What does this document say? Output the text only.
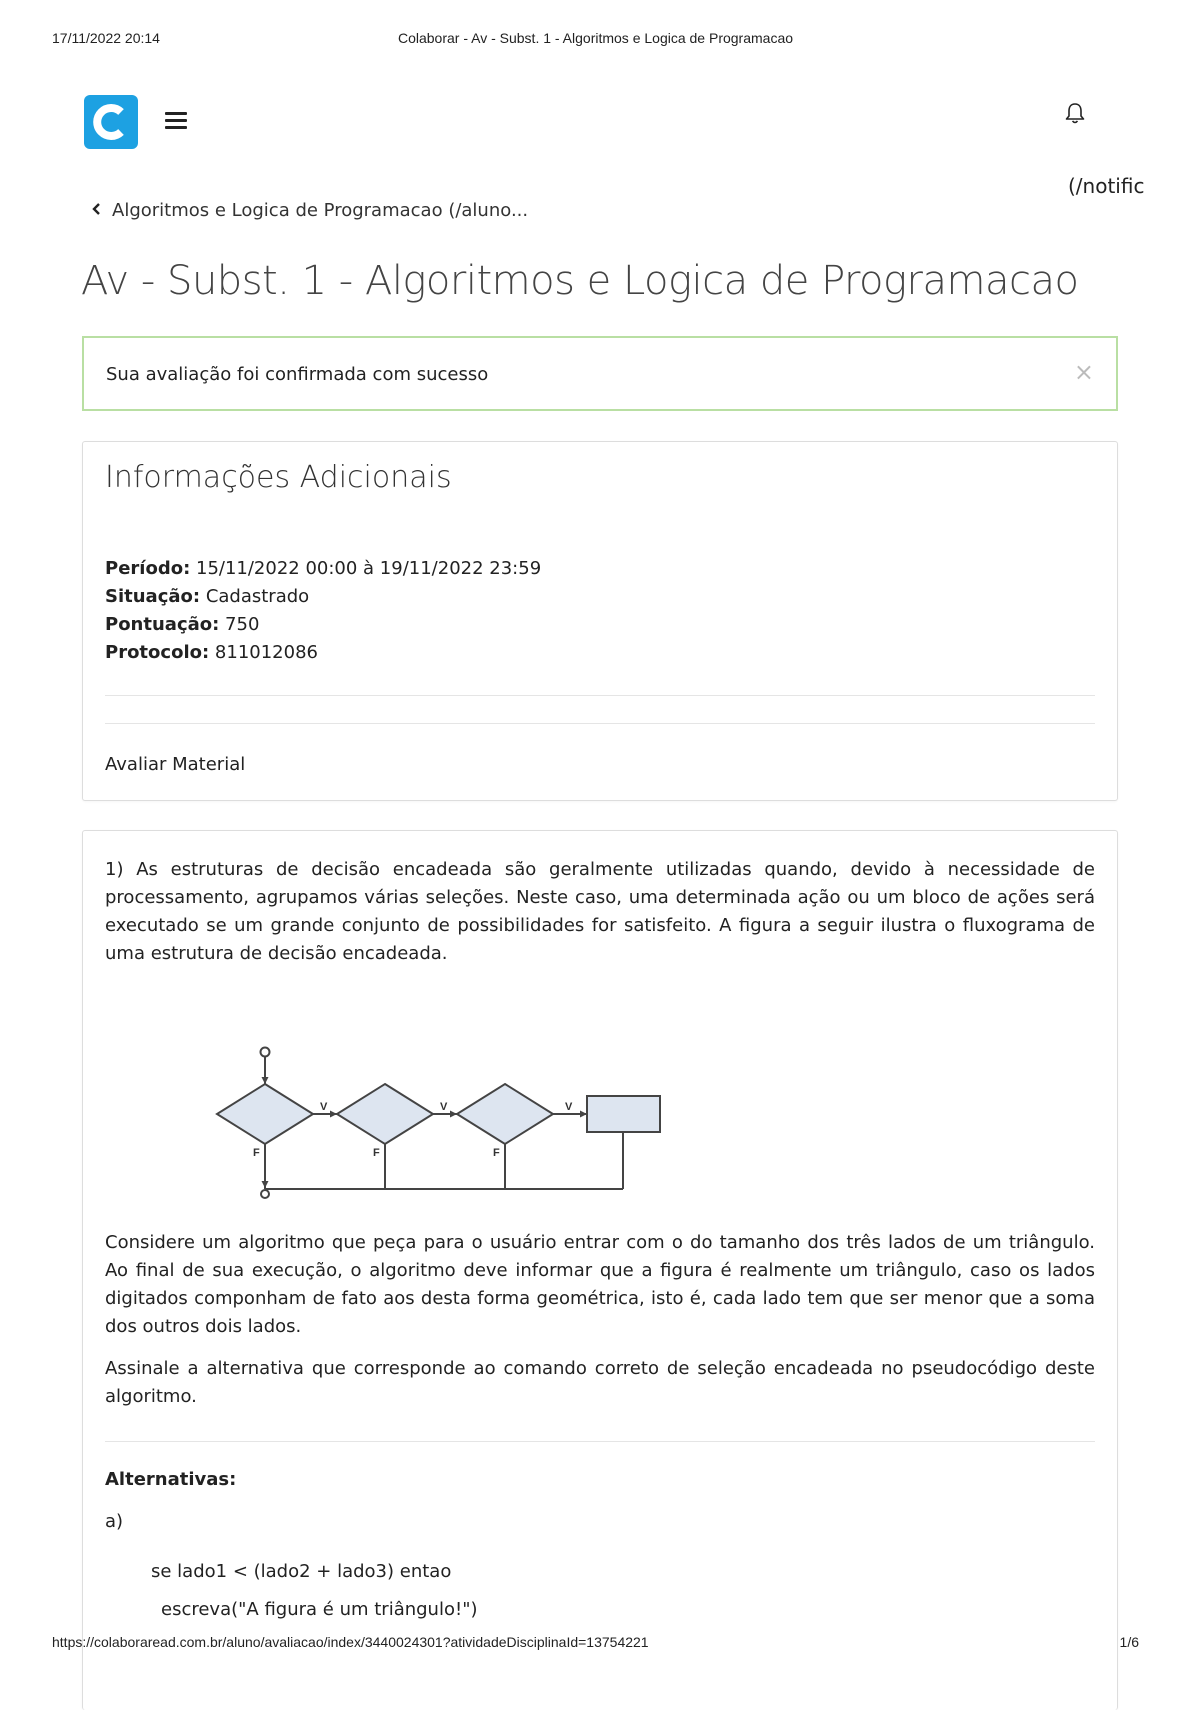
17/11/2022 20:14	Colaborar - Av - Subst. 1 - Algoritmos e Logica de Programacao
(/notific
Algoritmos e Logica de Programacao (/aluno...
Av - Subst. 1 - Algoritmos e Logica de Programacao
Sua avaliação foi confirmada com sucesso	×
Informações Adicionais
Período: 15/11/2022 00:00 à 19/11/2022 23:59
Situação: Cadastrado
Pontuação: 750
Protocolo: 811012086
Avaliar Material

1) As estruturas de decisão encadeada são geralmente utilizadas quando, devido à necessidade de processamento, agrupamos várias seleções. Neste caso, uma determinada ação ou um bloco de ações será executado se um grande conjunto de possibilidades for satisfeito. A figura a seguir ilustra o fluxograma de uma estrutura de decisão encadeada.

V	V	V
F	F	F

Considere um algoritmo que peça para o usuário entrar com o do tamanho dos três lados de um triângulo. Ao final de sua execução, o algoritmo deve informar que a figura é realmente um triângulo, caso os lados digitados componham de fato aos desta forma geométrica, isto é, cada lado tem que ser menor que a soma dos outros dois lados.

Assinale a alternativa que corresponde ao comando correto de seleção encadeada no pseudocódigo deste algoritmo.

Alternativas:
a)
se lado1 < (lado2 + lado3) entao
escreva("A figura é um triângulo!")
https://colaboraread.com.br/aluno/avaliacao/index/3440024301?atividadeDisciplinaId=13754221	1/6
